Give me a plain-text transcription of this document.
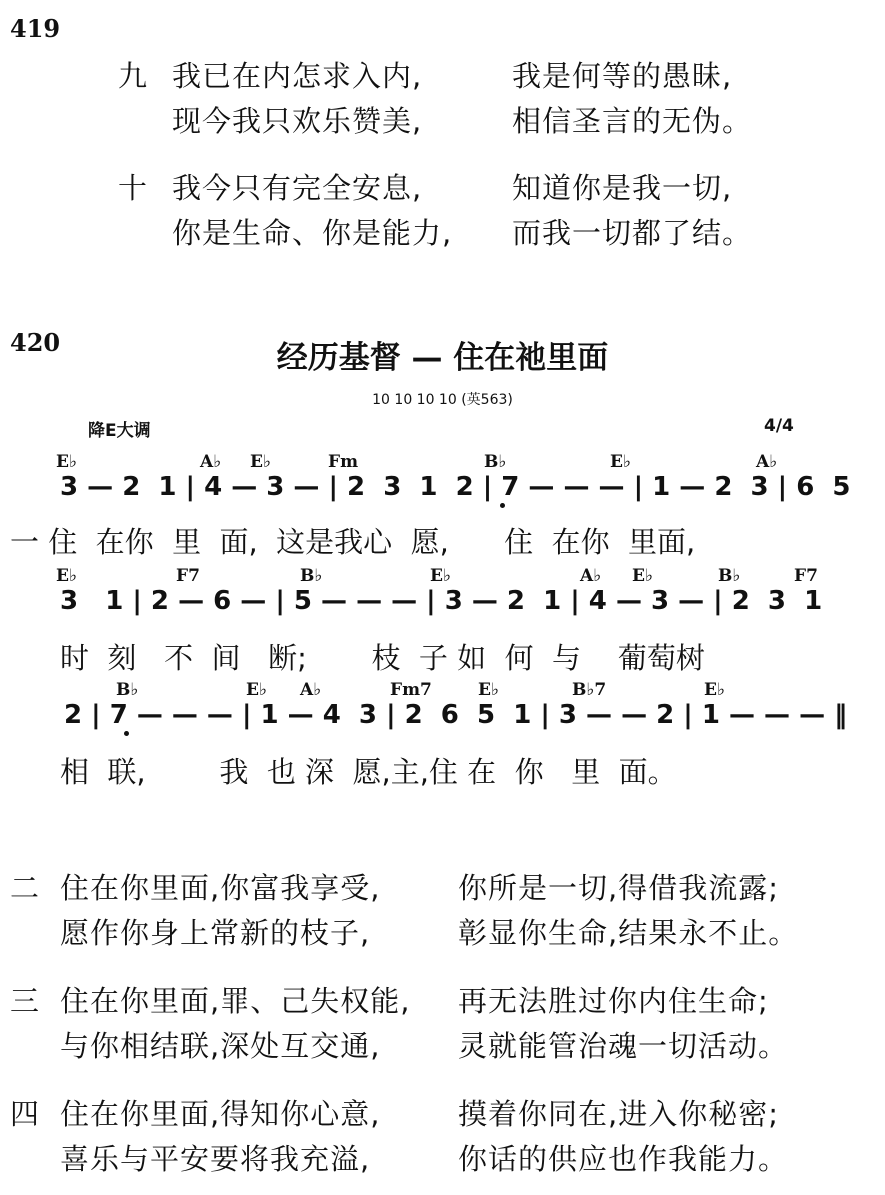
419
九 我已在内怎求入内,	我是何等的愚昧,
现今我只欢乐赞美,	相信圣言的无伪。
十 我今只有完全安息,	知道你是我一切,
你是生命、你是能力, 而我一切都了结。
420	经历基督 — 住在祂里面
10 10 10 10 (英563)
降E大调	4/4
E♭	A♭ E♭	Fm	B♭	E♭	A♭
3 — 2  1 | 4 — 3 — | 2  3  1  2 | 7 — — — | 1 — 2  3 | 6  5
一 住  在你  里  面,  这是我心  愿,      住  在你  里面,
E♭	F7	B♭	E♭	A♭ E♭	B♭	F7
3   1 | 2 — 6 — | 5 — — — | 3 — 2  1 | 4 — 3 — | 2  3  1
时  刻   不  间   断;       枝  子 如  何  与    葡萄树
B♭	E♭ A♭	Fm7	E♭	B♭7	E♭
2 | 7 — — — | 1 — 4  3 | 2  6  5  1 | 3 — — 2 | 1 — — — ‖
相  联,        我  也 深  愿,主,住 在  你   里  面。
二 住在你里面,你富我享受,	你所是一切,得借我流露;
愿作你身上常新的枝子,	彰显你生命,结果永不止。
三 住在你里面,罪、己失权能, 再无法胜过你内住生命;
与你相结联,深处互交通,	灵就能管治魂一切活动。
四 住在你里面,得知你心意,	摸着你同在,进入你秘密;
喜乐与平安要将我充溢,	你话的供应也作我能力。
